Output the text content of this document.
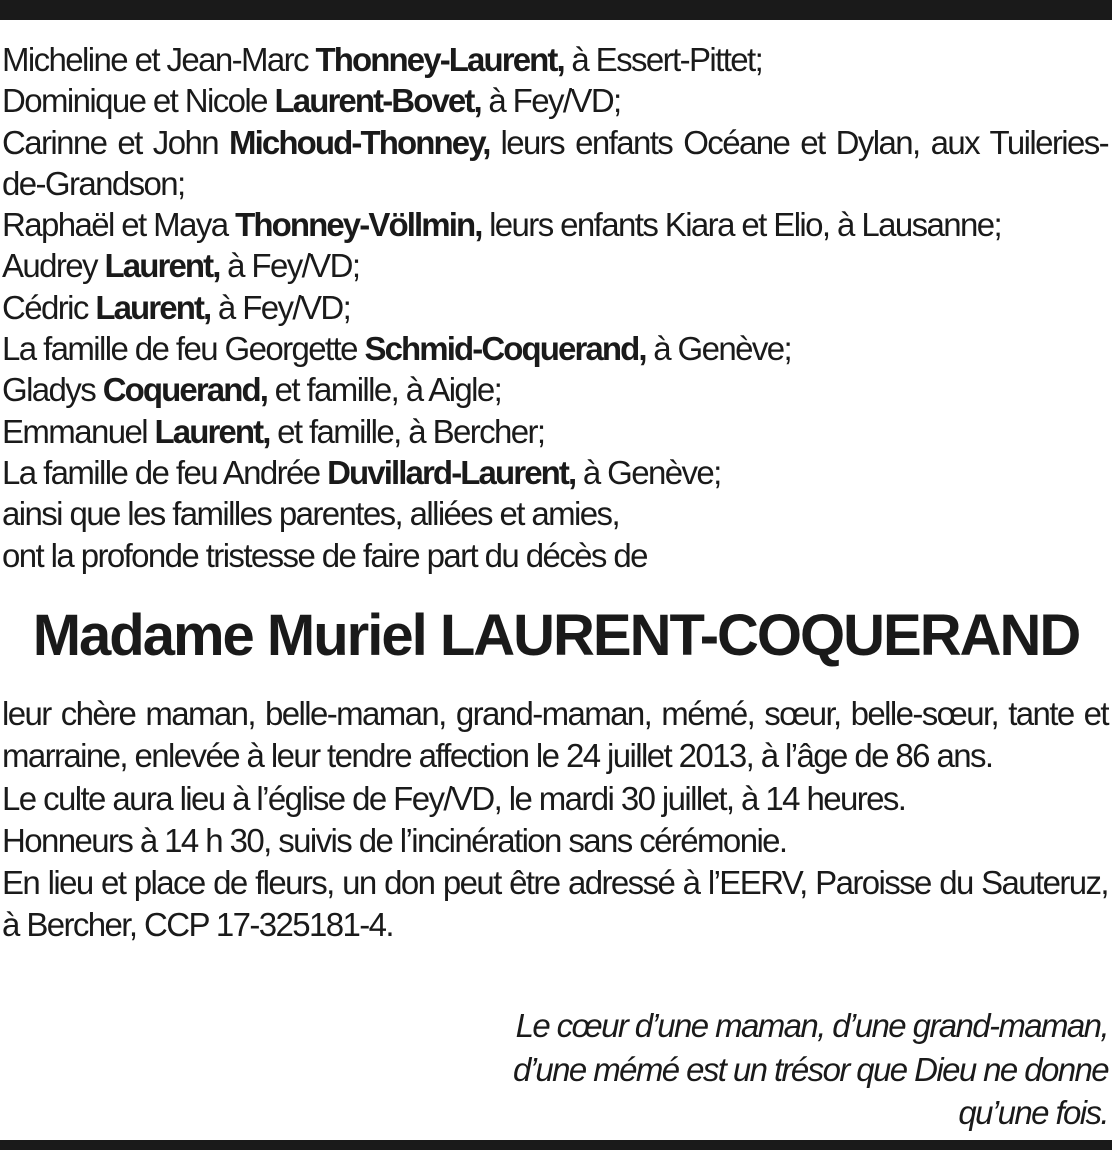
Micheline et Jean-Marc Thonney-Laurent, à Essert-Pittet;
Dominique et Nicole Laurent-Bovet, à Fey/VD;
Carinne et John Michoud-Thonney, leurs enfants Océane et Dylan, aux Tuileries-de-Grandson;
Raphaël et Maya Thonney-Völlmin, leurs enfants Kiara et Elio, à Lausanne;
Audrey Laurent, à Fey/VD;
Cédric Laurent, à Fey/VD;
La famille de feu Georgette Schmid-Coquerand, à Genève;
Gladys Coquerand, et famille, à Aigle;
Emmanuel Laurent, et famille, à Bercher;
La famille de feu Andrée Duvillard-Laurent, à Genève;
ainsi que les familles parentes, alliées et amies,
ont la profonde tristesse de faire part du décès de
Madame Muriel LAURENT-COQUERAND

leur chère maman, belle-maman, grand-maman, mémé, sœur, belle-sœur, tante et marraine, enlevée à leur tendre affection le 24 juillet 2013, à l’âge de 86 ans.

Le culte aura lieu à l’église de Fey/VD, le mardi 30 juillet, à 14 heures.

Honneurs à 14 h 30, suivis de l’incinération sans cérémonie.

En lieu et place de fleurs, un don peut être adressé à l’EERV, Paroisse du Sauteruz, à Bercher, CCP 17-325181-4.

Le cœur d’une maman, d’une grand-maman,
d’une mémé est un trésor que Dieu ne donne
qu’une fois.
